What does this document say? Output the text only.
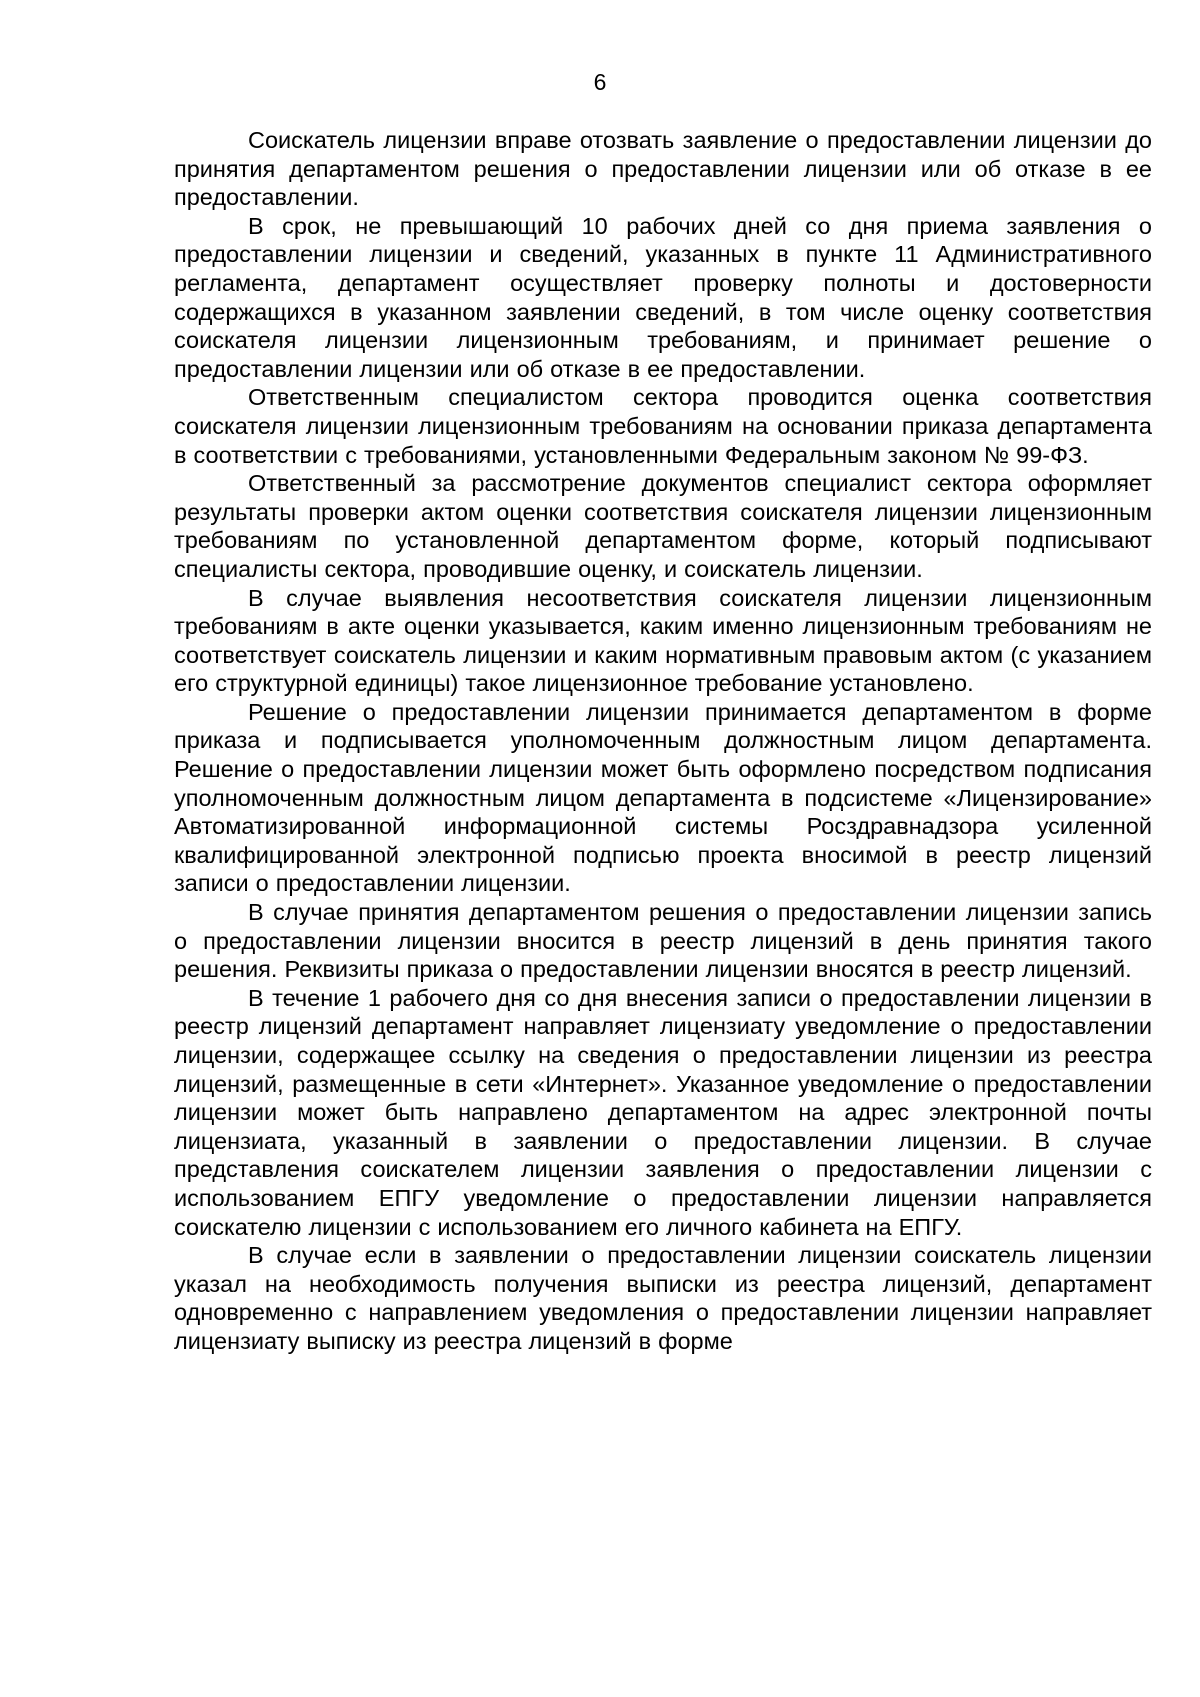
6

Соискатель лицензии вправе отозвать заявление о предоставлении лицензии до принятия департаментом решения о предоставлении лицензии или об отказе в ее предоставлении.

В срок, не превышающий 10 рабочих дней со дня приема заявления о предоставлении лицензии и сведений, указанных в пункте 11 Административного регламента, департамент осуществляет проверку полноты и достоверности содержащихся в указанном заявлении сведений, в том числе оценку соответствия соискателя лицензии лицензионным требованиям, и принимает решение о предоставлении лицензии или об отказе в ее предоставлении.

Ответственным специалистом сектора проводится оценка соответствия соискателя лицензии лицензионным требованиям на основании приказа департамента в соответствии с требованиями, установленными Федеральным законом № 99-ФЗ.

Ответственный за рассмотрение документов специалист сектора оформляет результаты проверки актом оценки соответствия соискателя лицензии лицензионным требованиям по установленной департаментом форме, который подписывают специалисты сектора, проводившие оценку, и соискатель лицензии.

В случае выявления несоответствия соискателя лицензии лицензионным требованиям в акте оценки указывается, каким именно лицензионным требованиям не соответствует соискатель лицензии и каким нормативным правовым актом (с указанием его структурной единицы) такое лицензионное требование установлено.

Решение о предоставлении лицензии принимается департаментом в форме приказа и подписывается уполномоченным должностным лицом департамента. Решение о предоставлении лицензии может быть оформлено посредством подписания уполномоченным должностным лицом департамента в подсистеме «Лицензирование» Автоматизированной информационной системы Росздравнадзора усиленной квалифицированной электронной подписью проекта вносимой в реестр лицензий записи о предоставлении лицензии.

В случае принятия департаментом решения о предоставлении лицензии запись о предоставлении лицензии вносится в реестр лицензий в день принятия такого решения. Реквизиты приказа о предоставлении лицензии вносятся в реестр лицензий.

В течение 1 рабочего дня со дня внесения записи о предоставлении лицензии в реестр лицензий департамент направляет лицензиату уведомление о предоставлении лицензии, содержащее ссылку на сведения о предоставлении лицензии из реестра лицензий, размещенные в сети «Интернет». Указанное уведомление о предоставлении лицензии может быть направлено департаментом на адрес электронной почты лицензиата, указанный в заявлении о предоставлении лицензии. В случае представления соискателем лицензии заявления о предоставлении лицензии с использованием ЕПГУ уведомление о предоставлении лицензии направляется соискателю лицензии с использованием его личного кабинета на ЕПГУ.

В случае если в заявлении о предоставлении лицензии соискатель лицензии указал на необходимость получения выписки из реестра лицензий, департамент одновременно с направлением уведомления о предоставлении лицензии направляет лицензиату выписку из реестра лицензий в форме
